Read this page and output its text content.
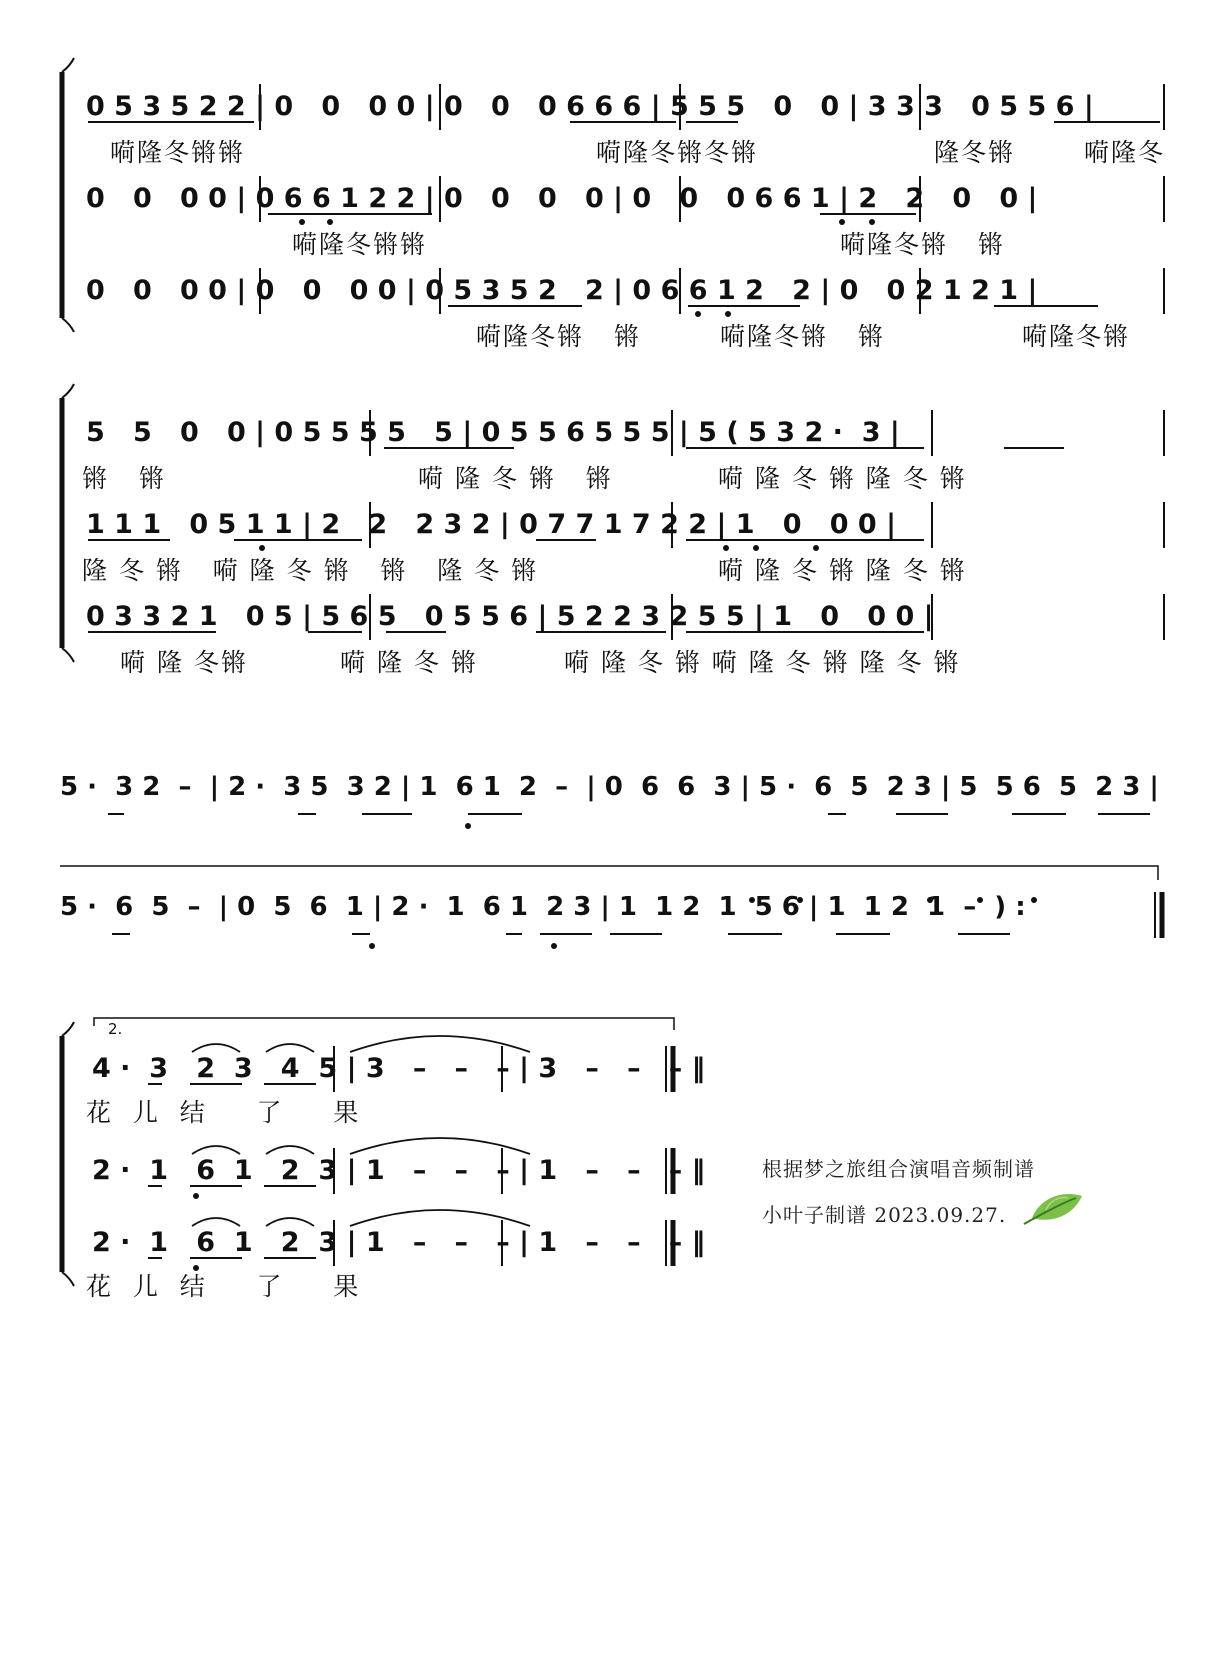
0 5 3 5 2 2 | 0   0   0 0 | 0   0   0 6 6 6 | 5 5 5   0   0 | 3 3 3   0 5 5 6 |
嗬隆冬锵锵	嗬隆冬锵冬锵	隆冬锵	嗬隆冬
0   0   0 0 | 0 6 6 1 2 2 | 0   0   0   0 | 0   0   0 6 6 1 | 2   2   0   0 |
嗬隆冬锵锵	嗬隆冬锵   锵
0   0   0 0 | 0   0   0 0 | 0 5 3 5 2   2 | 0 6 6 1 2   2 | 0   0 2 1 2 1 |
嗬隆冬锵   锵	嗬隆冬锵   锵	嗬隆冬锵
5   5   0   0 | 0 5 5 5 5   5 | 0 5 5 6 5 5 5 | 5 ( 5 3 2 ·  3 |
锵   锵	嗬 隆 冬 锵   锵	嗬 隆 冬 锵 隆 冬 锵
1 1 1   0 5 1 1 | 2   2   2 3 2 | 0 7 7 1 7 2 2 | 1   0   0 0 |
隆 冬 锵   嗬 隆 冬 锵   锵   隆 冬 锵	嗬 隆 冬 锵 隆 冬 锵
0 3 3 2 1   0 5 | 5 6 5   0 5 5 6 | 5 2 2 3 2 5 5 | 1   0   0 0 |
嗬 隆 冬锵	嗬 隆 冬 锵	嗬 隆 冬 锵 嗬 隆 冬 锵 隆 冬 锵
5 ·  3 2  –  | 2 ·  3 5  3 2 | 1  6 1  2  –  | 0  6  6  3 | 5 ·  6  5  2 3 | 5  5 6  5  2 3 |
5 ·  6  5  –  | 0  5  6  1 | 2 ·  1  6 1  2 3 | 1  1 2  1  5 6 | 1  1 2  1  –  ) :
2.
4 ·  3   2  3   4  5 | 3   –   –   – | 3   –   –   – ‖
花  儿  结     了     果
2 ·  1   6  1   2  3 | 1   –   –   – | 1   –   –   – ‖
2 ·  1   6  1   2  3 | 1   –   –   – | 1   –   –   – ‖
花  儿  结     了     果
根据梦之旅组合演唱音频制谱
小叶子制谱 2023.09.27.
